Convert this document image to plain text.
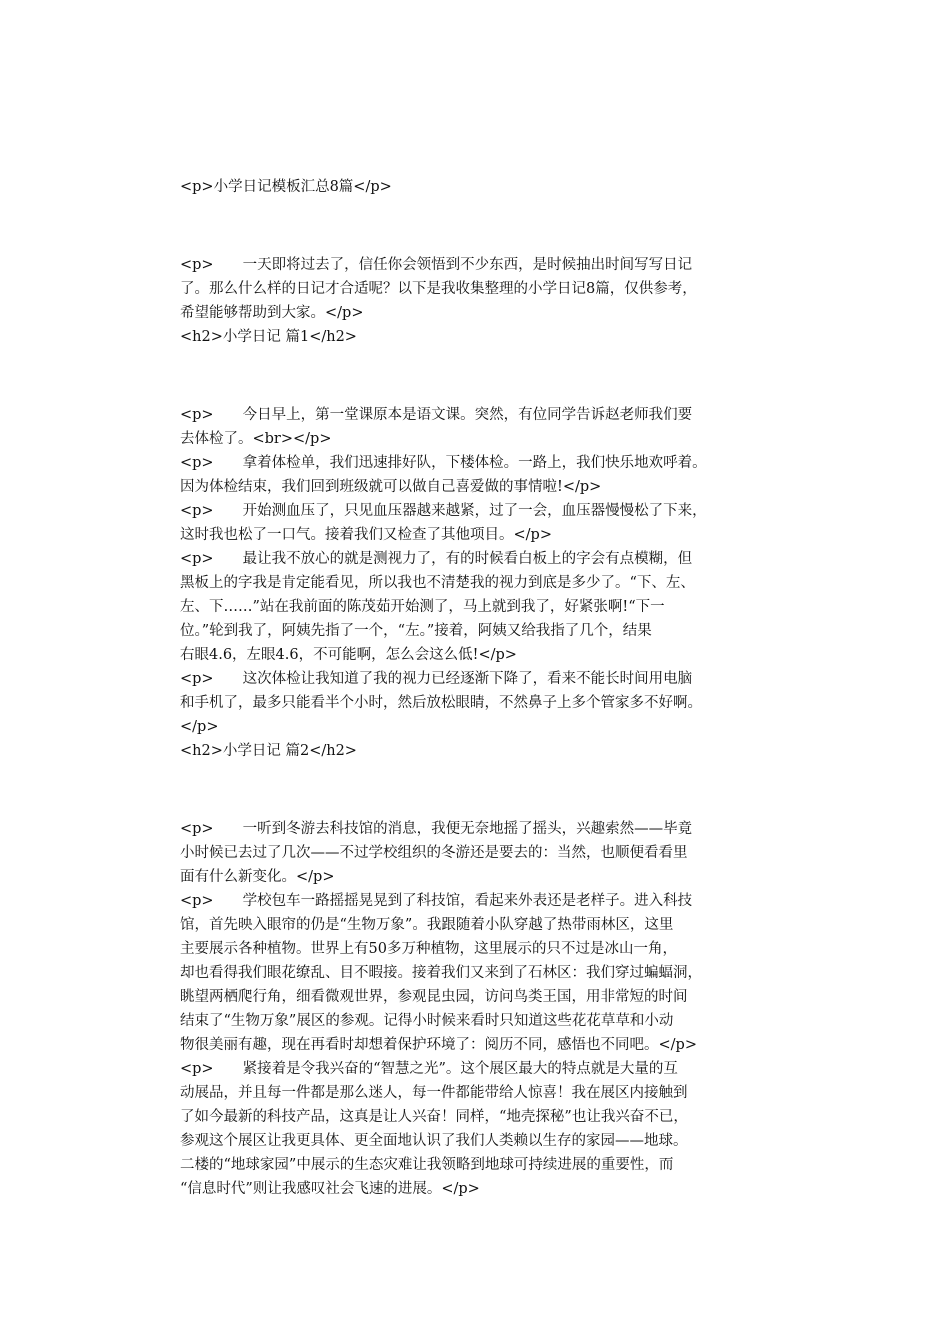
<p>小学日记模板汇总8篇</p>
<p>　　一天即将过去了，信任你会领悟到不少东西，是时候抽出时间写写日记
了。那么什么样的日记才合适呢？以下是我收集整理的小学日记8篇，仅供参考，
希望能够帮助到大家。</p>
<h2>小学日记 篇1</h2>
<p>　　今日早上，第一堂课原本是语文课。突然，有位同学告诉赵老师我们要
去体检了。<br></p>
<p>　　拿着体检单，我们迅速排好队，下楼体检。一路上，我们快乐地欢呼着。
因为体检结束，我们回到班级就可以做自己喜爱做的事情啦!</p>
<p>　　开始测血压了，只见血压器越来越紧，过了一会，血压器慢慢松了下来，
这时我也松了一口气。接着我们又检查了其他项目。</p>
<p>　　最让我不放心的就是测视力了，有的时候看白板上的字会有点模糊，但
黑板上的字我是肯定能看见，所以我也不清楚我的视力到底是多少了。“下、左、
左、下……”站在我前面的陈茂茹开始测了，马上就到我了，好紧张啊!“下一
位。”轮到我了，阿姨先指了一个，“左。”接着，阿姨又给我指了几个，结果
右眼4.6，左眼4.6，不可能啊，怎么会这么低!</p>
<p>　　这次体检让我知道了我的视力已经逐渐下降了，看来不能长时间用电脑
和手机了，最多只能看半个小时，然后放松眼睛，不然鼻子上多个管家多不好啊。
</p>
<h2>小学日记 篇2</h2>
<p>　　一听到冬游去科技馆的消息，我便无奈地摇了摇头，兴趣索然——毕竟
小时候已去过了几次——不过学校组织的冬游还是要去的：当然，也顺便看看里
面有什么新变化。</p>
<p>　　学校包车一路摇摇晃晃到了科技馆，看起来外表还是老样子。进入科技
馆，首先映入眼帘的仍是“生物万象”。我跟随着小队穿越了热带雨林区，这里
主要展示各种植物。世界上有50多万种植物，这里展示的只不过是冰山一角，
却也看得我们眼花缭乱、目不暇接。接着我们又来到了石林区：我们穿过蝙蝠洞，
眺望两栖爬行角，细看微观世界，参观昆虫园，访问鸟类王国，用非常短的时间
结束了“生物万象”展区的参观。记得小时候来看时只知道这些花花草草和小动
物很美丽有趣，现在再看时却想着保护环境了：阅历不同，感悟也不同吧。</p>
<p>　　紧接着是令我兴奋的“智慧之光”。这个展区最大的特点就是大量的互
动展品，并且每一件都是那么迷人，每一件都能带给人惊喜！我在展区内接触到
了如今最新的科技产品，这真是让人兴奋！同样，“地壳探秘”也让我兴奋不已，
参观这个展区让我更具体、更全面地认识了我们人类赖以生存的家园——地球。
二楼的“地球家园”中展示的生态灾难让我领略到地球可持续进展的重要性，而
“信息时代”则让我感叹社会飞速的进展。</p>
